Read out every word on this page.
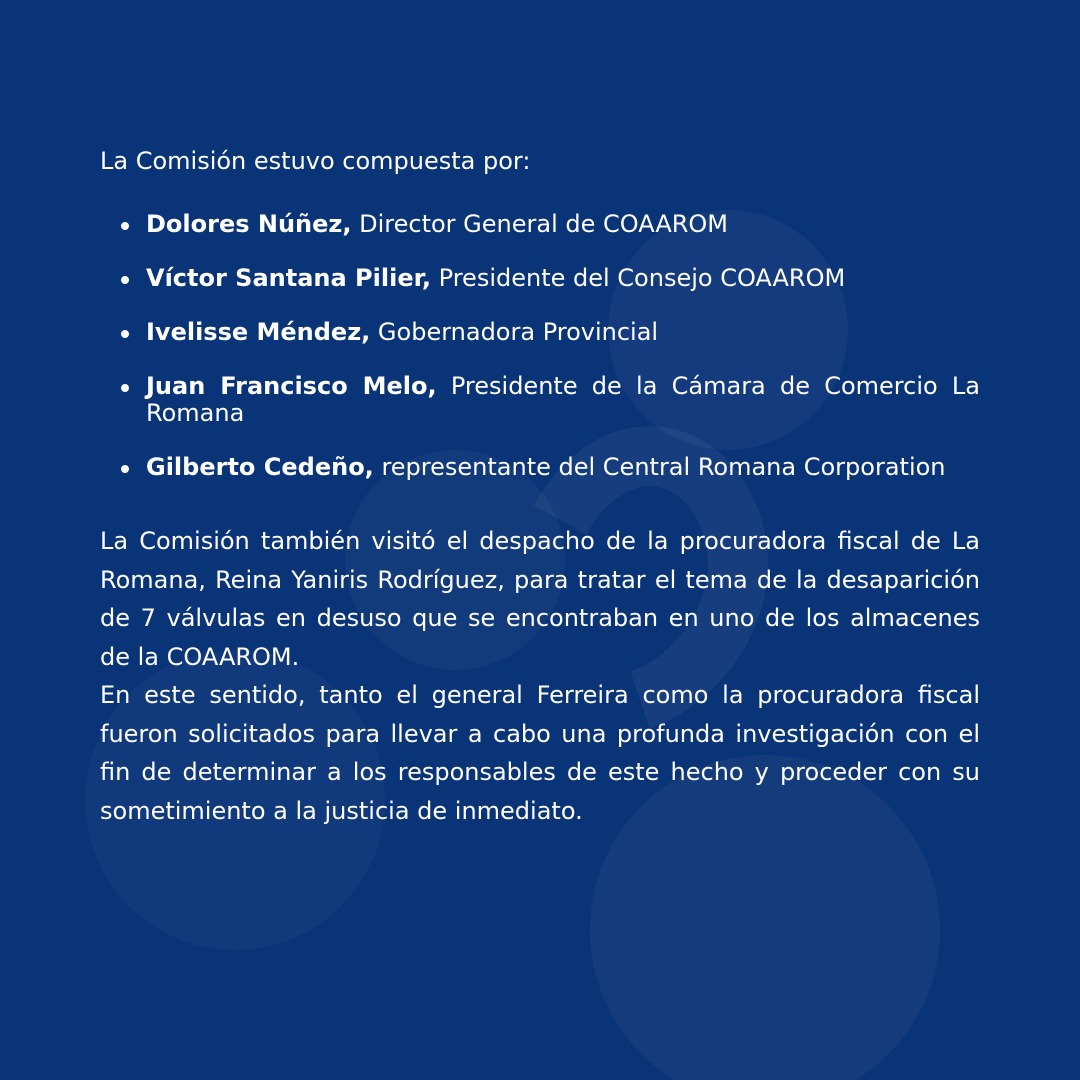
La Comisión estuvo compuesta por:

Dolores Núñez, Director General de COAAROM
Víctor Santana Pilier, Presidente del Consejo COAAROM
Ivelisse Méndez, Gobernadora Provincial
Juan Francisco Melo, Presidente de la Cámara de Comercio La Romana
Gilberto Cedeño, representante del Central Romana Corporation

La Comisión también visitó el despacho de la procuradora fiscal de La Romana, Reina Yaniris Rodríguez, para tratar el tema de la desaparición de 7 válvulas en desuso que se encontraban en uno de los almacenes de la COAAROM.

En este sentido, tanto el general Ferreira como la procuradora fiscal fueron solicitados para llevar a cabo una profunda investigación con el fin de determinar a los responsables de este hecho y proceder con su sometimiento a la justicia de inmediato.
